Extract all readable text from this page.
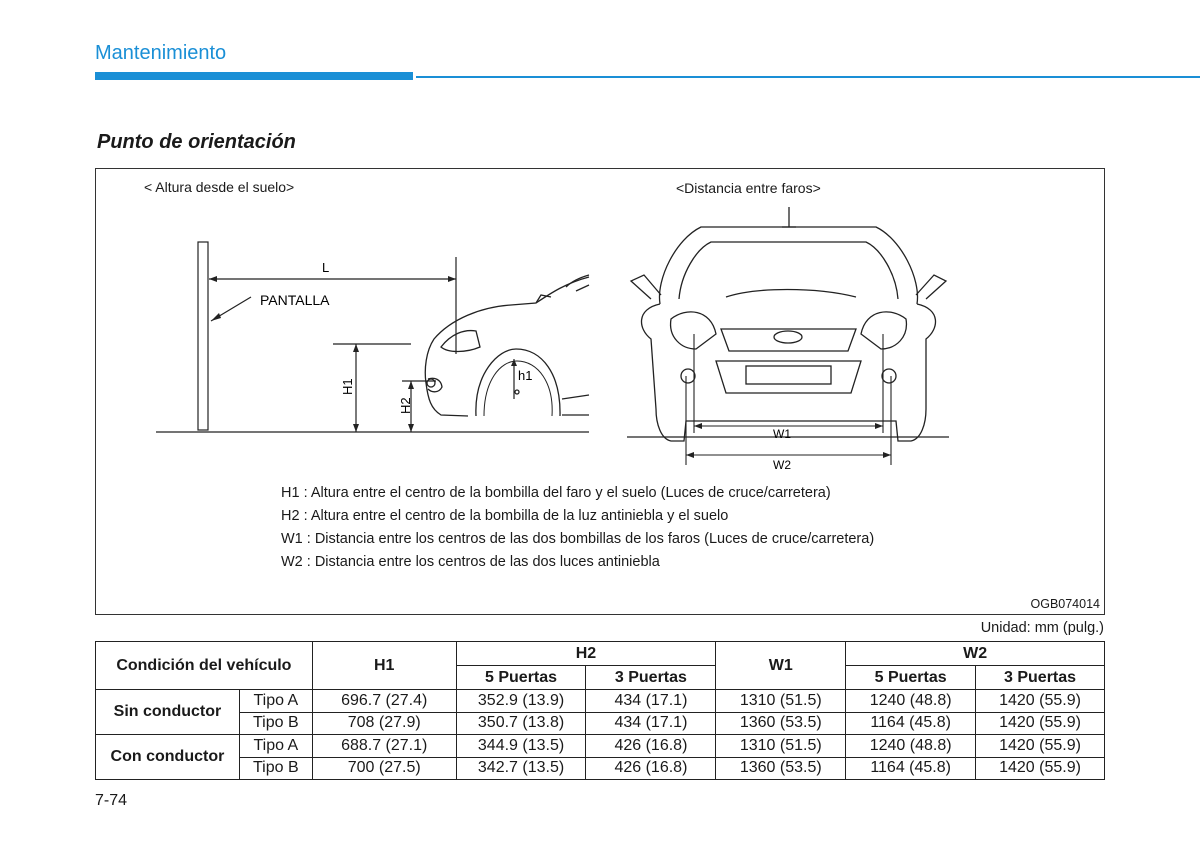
Mantenimiento
Punto de orientación
< Altura desde el suelo>	<Distancia entre faros>
L
PANTALLA
H1
H2
h1
W1
W2
H1 : Altura entre el centro de la bombilla del faro y el suelo (Luces de cruce/carretera)
H2 : Altura entre el centro de la bombilla de la luz antiniebla y el suelo
W1 : Distancia entre los centros de las dos bombillas de los faros (Luces de cruce/carretera)
W2 : Distancia entre los centros de las dos luces antiniebla
OGB074014
Unidad: mm (pulg.)
Condición del vehículo		H1	H2		W1	W2	
			5 Puertas	3 Puertas		5 Puertas	3 Puertas
Sin conductor	Tipo A	696.7 (27.4)	352.9 (13.9)	434 (17.1)	1310 (51.5)	1240 (48.8)	1420 (55.9)
	Tipo B	708 (27.9)	350.7 (13.8)	434 (17.1)	1360 (53.5)	1164 (45.8)	1420 (55.9)
Con conductor	Tipo A	688.7 (27.1)	344.9 (13.5)	426 (16.8)	1310 (51.5)	1240 (48.8)	1420 (55.9)
	Tipo B	700 (27.5)	342.7 (13.5)	426 (16.8)	1360 (53.5)	1164 (45.8)	1420 (55.9)
7-74
